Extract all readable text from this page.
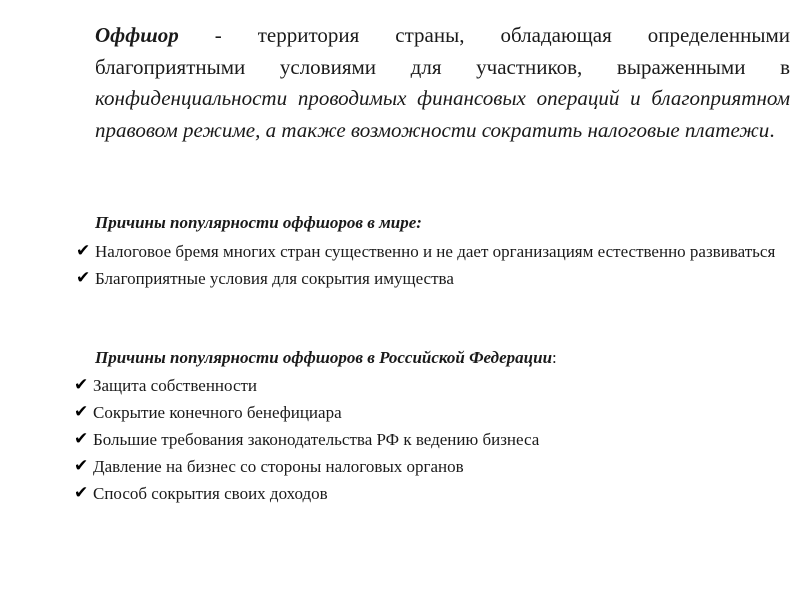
Оффшор - территория страны, обладающая определенными благоприятными условиями для участников, выраженными в конфиденциальности проводимых финансовых операций и благоприятном правовом режиме, а также возможности сократить налоговые платежи.

Причины популярности оффшоров в мире:

✔ Налоговое бремя многих стран существенно и не дает организациям естественно развиваться
✔ Благоприятные условия для сокрытия имущества

Причины популярности оффшоров в Российской Федерации:

✔ Защита собственности
✔ Сокрытие конечного бенефициара
✔ Большие требования законодательства РФ к ведению бизнеса
✔ Давление на бизнес со стороны налоговых органов
✔ Способ сокрытия своих доходов
